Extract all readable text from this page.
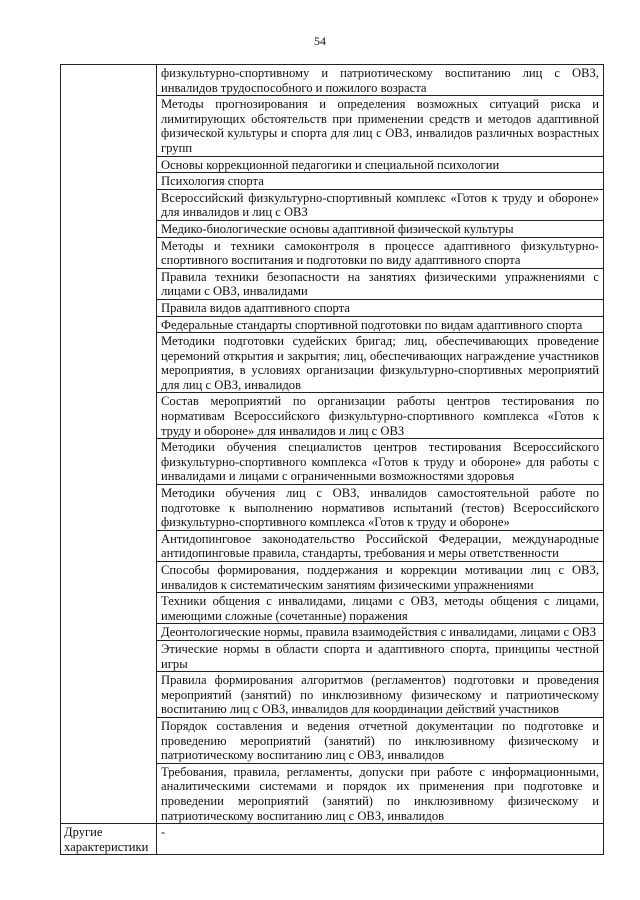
54
	физкультурно-спортивному и патриотическому воспитанию лиц с ОВЗ, инвалидов трудоспособного и пожилого возраста
	Методы прогнозирования и определения возможных ситуаций риска и лимитирующих обстоятельств при применении средств и методов адаптивной физической культуры и спорта для лиц с ОВЗ, инвалидов различных возрастных групп
	Основы коррекционной педагогики и специальной психологии
	Психология спорта
	Всероссийский физкультурно-спортивный комплекс «Готов к труду и обороне» для инвалидов и лиц с ОВЗ
	Медико-биологические основы адаптивной физической культуры
	Методы и техники самоконтроля в процессе адаптивного физкультурно-спортивного воспитания и подготовки по виду адаптивного спорта
	Правила техники безопасности на занятиях физическими упражнениями с лицами с ОВЗ, инвалидами
	Правила видов адаптивного спорта
	Федеральные стандарты спортивной подготовки по видам адаптивного спорта
	Методики подготовки судейских бригад; лиц, обеспечивающих проведение церемоний открытия и закрытия; лиц, обеспечивающих награждение участников мероприятия, в условиях организации физкультурно-спортивных мероприятий для лиц с ОВЗ, инвалидов
	Состав мероприятий по организации работы центров тестирования по нормативам Всероссийского физкультурно-спортивного комплекса «Готов к труду и обороне» для инвалидов и лиц с ОВЗ
	Методики обучения специалистов центров тестирования Всероссийского физкультурно-спортивного комплекса «Готов к труду и обороне» для работы с инвалидами и лицами с ограниченными возможностями здоровья
	Методики обучения лиц с ОВЗ, инвалидов самостоятельной работе по подготовке к выполнению нормативов испытаний (тестов) Всероссийского физкультурно-спортивного комплекса «Готов к труду и обороне»
	Антидопинговое законодательство Российской Федерации, международные антидопинговые правила, стандарты, требования и меры ответственности
	Способы формирования, поддержания и коррекции мотивации лиц с ОВЗ, инвалидов к систематическим занятиям физическими упражнениями
	Техники общения с инвалидами, лицами с ОВЗ, методы общения с лицами, имеющими сложные (сочетанные) поражения
	Деонтологические нормы, правила взаимодействия с инвалидами, лицами с ОВЗ
	Этические нормы в области спорта и адаптивного спорта, принципы честной игры
	Правила формирования алгоритмов (регламентов) подготовки и проведения мероприятий (занятий) по инклюзивному физическому и патриотическому воспитанию лиц с ОВЗ, инвалидов для координации действий участников
	Порядок составления и ведения отчетной документации по подготовке и проведению мероприятий (занятий) по инклюзивному физическому и патриотическому воспитанию лиц с ОВЗ, инвалидов
	Требования, правила, регламенты, допуски при работе с информационными, аналитическими системами и порядок их применения при подготовке и проведении мероприятий (занятий) по инклюзивному физическому и патриотическому воспитанию лиц с ОВЗ, инвалидов

Другие
характеристики	-
